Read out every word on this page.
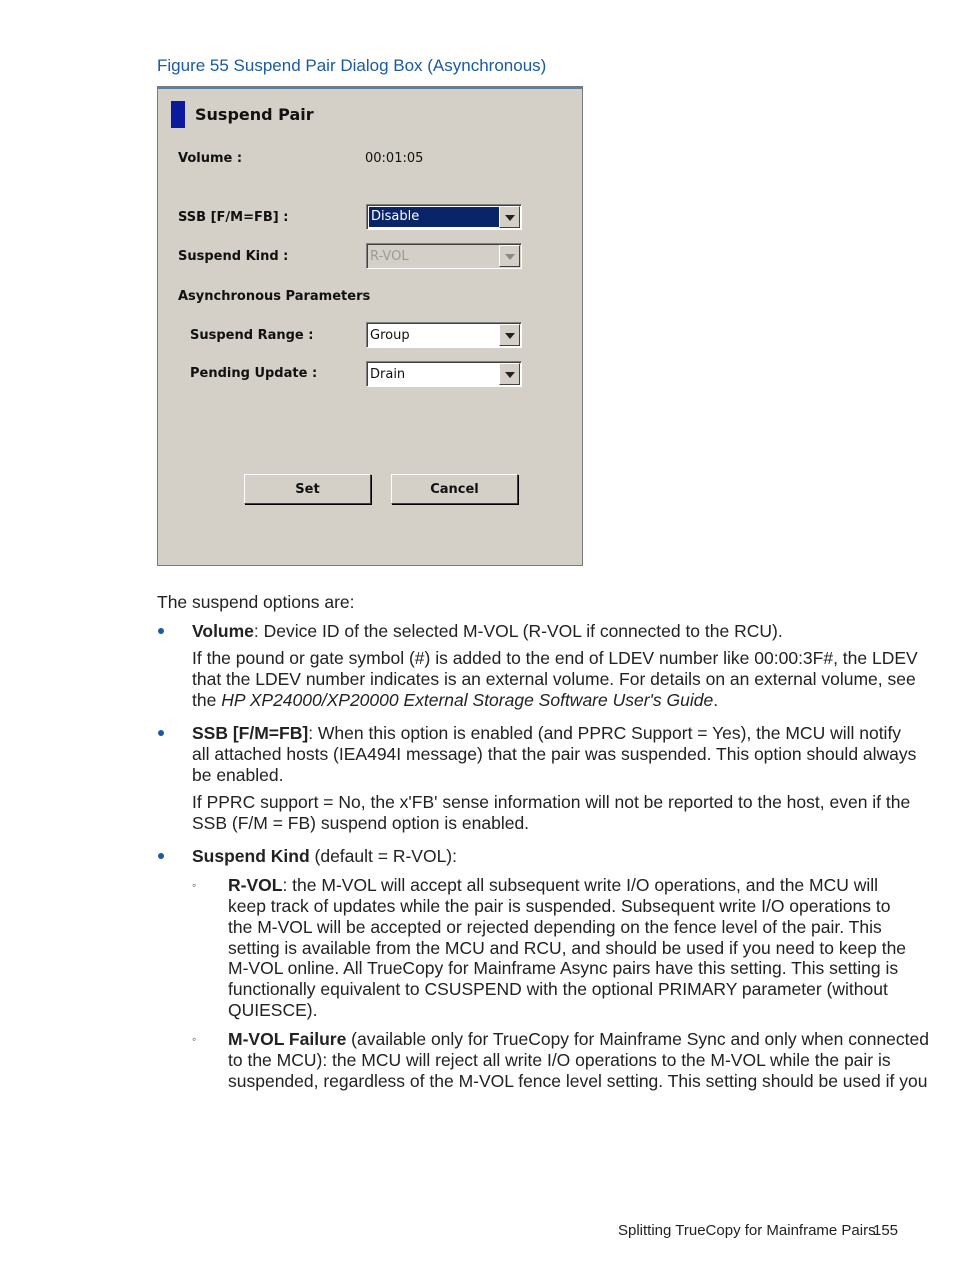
Figure 55 Suspend Pair Dialog Box (Asynchronous)
Suspend Pair
Volume :	00:01:05
SSB [F/M=FB] :	Disable
Suspend Kind :	R-VOL
Asynchronous Parameters
Suspend Range :	Group
Pending Update :	Drain
Set	Cancel
The suspend options are:
Volume: Device ID of the selected M-VOL (R-VOL if connected to the RCU).
If the pound or gate symbol (#) is added to the end of LDEV number like 00:00:3F#, the LDEV
that the LDEV number indicates is an external volume. For details on an external volume, see
the HP XP24000/XP20000 External Storage Software User's Guide.
SSB [F/M=FB]: When this option is enabled (and PPRC Support = Yes), the MCU will notify
all attached hosts (IEA494I message) that the pair was suspended. This option should always
be enabled.
If PPRC support = No, the x'FB' sense information will not be reported to the host, even if the
SSB (F/M = FB) suspend option is enabled.
Suspend Kind (default = R-VOL):
◦ R-VOL: the M-VOL will accept all subsequent write I/O operations, and the MCU will
keep track of updates while the pair is suspended. Subsequent write I/O operations to
the M-VOL will be accepted or rejected depending on the fence level of the pair. This
setting is available from the MCU and RCU, and should be used if you need to keep the
M-VOL online. All TrueCopy for Mainframe Async pairs have this setting. This setting is
functionally equivalent to CSUSPEND with the optional PRIMARY parameter (without
QUIESCE).
◦ M-VOL Failure (available only for TrueCopy for Mainframe Sync and only when connected
to the MCU): the MCU will reject all write I/O operations to the M-VOL while the pair is
suspended, regardless of the M-VOL fence level setting. This setting should be used if you
Splitting TrueCopy for Mainframe Pairs
155
